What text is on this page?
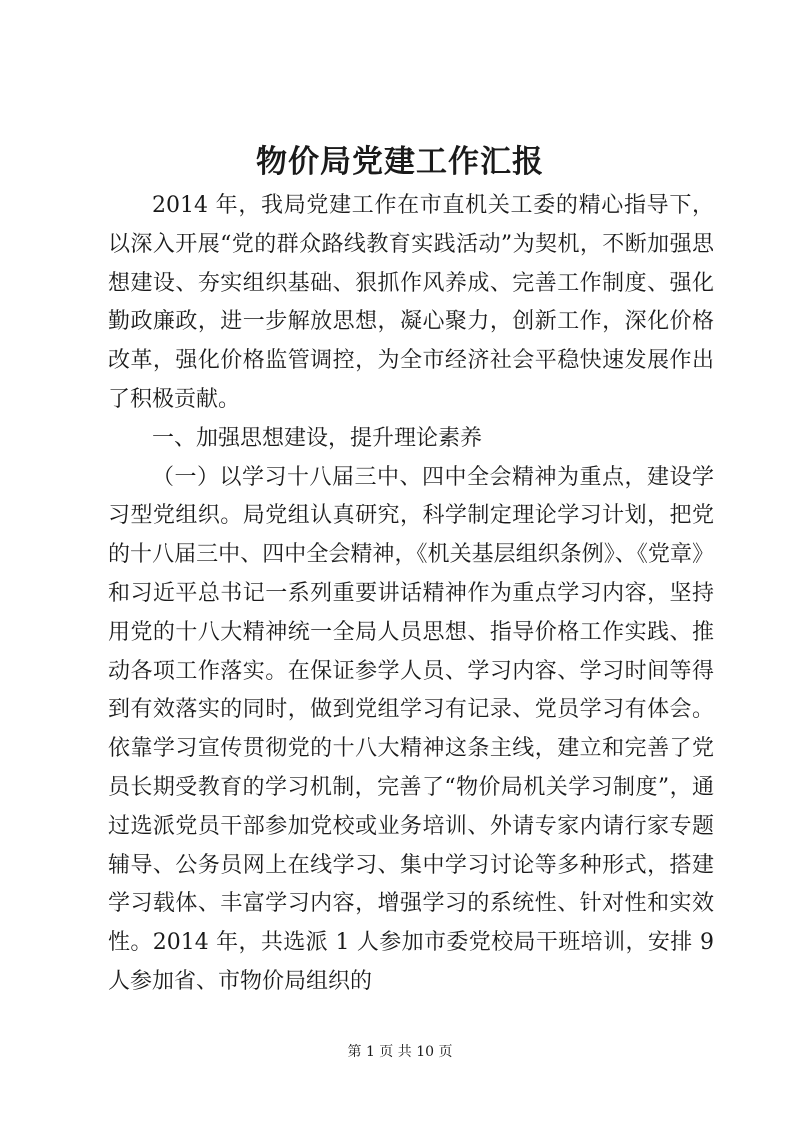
物价局党建工作汇报

2014 年，我局党建工作在市直机关工委的精心指导下，以深入开展“党的群众路线教育实践活动”为契机，不断加强思想建设、夯实组织基础、狠抓作风养成、完善工作制度、强化勤政廉政，进一步解放思想，凝心聚力，创新工作，深化价格改革，强化价格监管调控，为全市经济社会平稳快速发展作出了积极贡献。

一、加强思想建设，提升理论素养

（一）以学习十八届三中、四中全会精神为重点，建设学习型党组织。局党组认真研究，科学制定理论学习计划，把党的十八届三中、四中全会精神，《机关基层组织条例》、《党章》和习近平总书记一系列重要讲话精神作为重点学习内容，坚持用党的十八大精神统一全局人员思想、指导价格工作实践、推动各项工作落实。在保证参学人员、学习内容、学习时间等得到有效落实的同时，做到党组学习有记录、党员学习有体会。依靠学习宣传贯彻党的十八大精神这条主线，建立和完善了党员长期受教育的学习机制，完善了“物价局机关学习制度”，通过选派党员干部参加党校或业务培训、外请专家内请行家专题辅导、公务员网上在线学习、集中学习讨论等多种形式，搭建学习载体、丰富学习内容，增强学习的系统性、针对性和实效性。2014 年，共选派 1 人参加市委党校局干班培训，安排 9 人参加省、市物价局组织的

第 1 页 共 10 页
